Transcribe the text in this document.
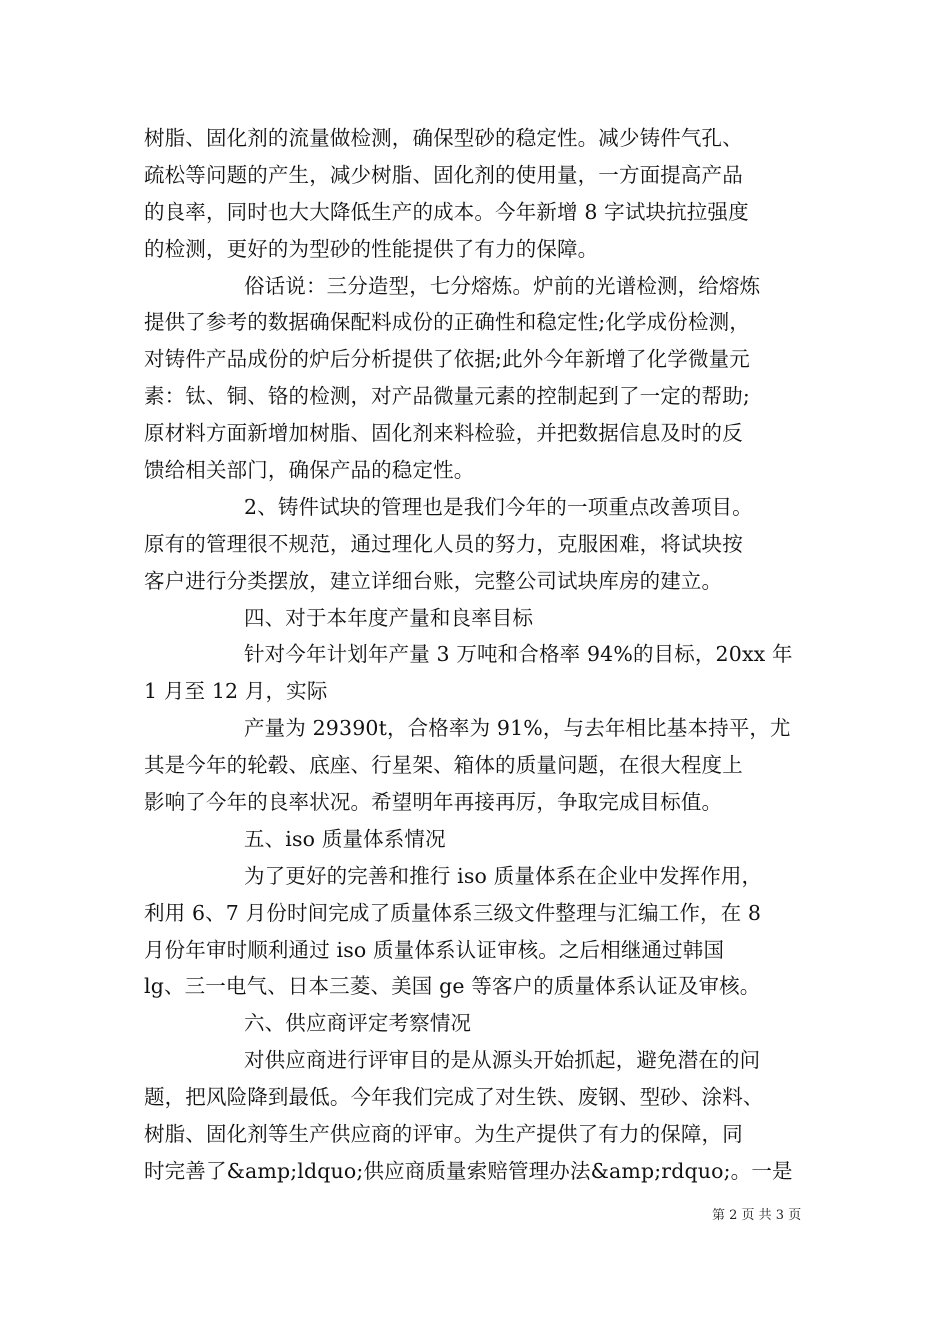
树脂、固化剂的流量做检测，确保型砂的稳定性。减少铸件气孔、
疏松等问题的产生，减少树脂、固化剂的使用量，一方面提高产品
的良率，同时也大大降低生产的成本。今年新增 8 字试块抗拉强度
的检测，更好的为型砂的性能提供了有力的保障。
俗话说：三分造型，七分熔炼。炉前的光谱检测，给熔炼
提供了参考的数据确保配料成份的正确性和稳定性;化学成份检测，
对铸件产品成份的炉后分析提供了依据;此外今年新增了化学微量元
素：钛、铜、铬的检测，对产品微量元素的控制起到了一定的帮助;
原材料方面新增加树脂、固化剂来料检验，并把数据信息及时的反
馈给相关部门，确保产品的稳定性。
2、铸件试块的管理也是我们今年的一项重点改善项目。
原有的管理很不规范，通过理化人员的努力，克服困难，将试块按
客户进行分类摆放，建立详细台账，完整公司试块库房的建立。
四、对于本年度产量和良率目标
针对今年计划年产量 3 万吨和合格率 94%的目标，20xx 年
1 月至 12 月，实际
产量为 29390t，合格率为 91%，与去年相比基本持平，尤
其是今年的轮毂、底座、行星架、箱体的质量问题，在很大程度上
影响了今年的良率状况。希望明年再接再厉，争取完成目标值。
五、iso 质量体系情况
为了更好的完善和推行 iso 质量体系在企业中发挥作用，
利用 6、7 月份时间完成了质量体系三级文件整理与汇编工作，在 8
月份年审时顺利通过 iso 质量体系认证审核。之后相继通过韩国
lg、三一电气、日本三菱、美国 ge 等客户的质量体系认证及审核。
六、供应商评定考察情况
对供应商进行评审目的是从源头开始抓起，避免潜在的问
题，把风险降到最低。今年我们完成了对生铁、废钢、型砂、涂料、
树脂、固化剂等生产供应商的评审。为生产提供了有力的保障，同
时完善了&amp;ldquo;供应商质量索赔管理办法&amp;rdquo;。一是
第 2 页 共 3 页
